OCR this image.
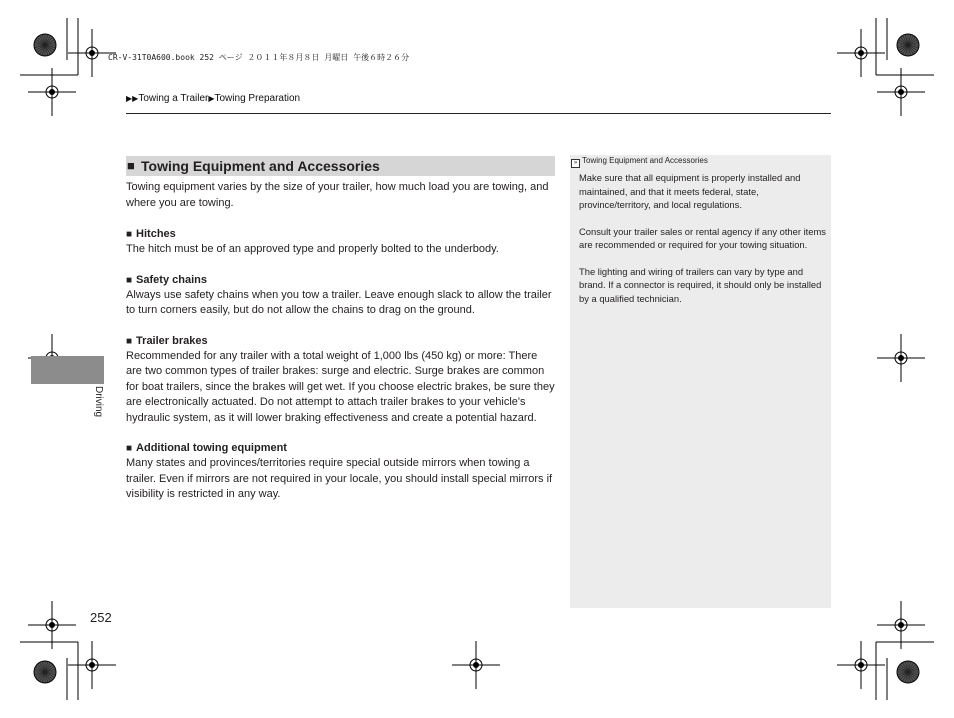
CR-V-31T0A600.book 252 ページ ２０１１年８月８日 月曜日 午後６時２６分
▶▶Towing a Trailer▶Towing Preparation
■ Towing Equipment and Accessories

Towing equipment varies by the size of your trailer, how much load you are towing, and where you are towing.

■ Hitches

The hitch must be of an approved type and properly bolted to the underbody.

■ Safety chains

Always use safety chains when you tow a trailer. Leave enough slack to allow the trailer to turn corners easily, but do not allow the chains to drag on the ground.

■ Trailer brakes

Recommended for any trailer with a total weight of 1,000 lbs (450 kg) or more: There are two common types of trailer brakes: surge and electric. Surge brakes are common for boat trailers, since the brakes will get wet. If you choose electric brakes, be sure they are electronically actuated. Do not attempt to attach trailer brakes to your vehicle's hydraulic system, as it will lower braking effectiveness and create a potential hazard.

■ Additional towing equipment

Many states and provinces/territories require special outside mirrors when towing a trailer. Even if mirrors are not required in your locale, you should install special mirrors if visibility is restricted in any way.

» Towing Equipment and Accessories

Make sure that all equipment is properly installed and maintained, and that it meets federal, state, province/territory, and local regulations.

Consult your trailer sales or rental agency if any other items are recommended or required for your towing situation.

The lighting and wiring of trailers can vary by type and brand. If a connector is required, it should only be installed by a qualified technician.

Driving
252
